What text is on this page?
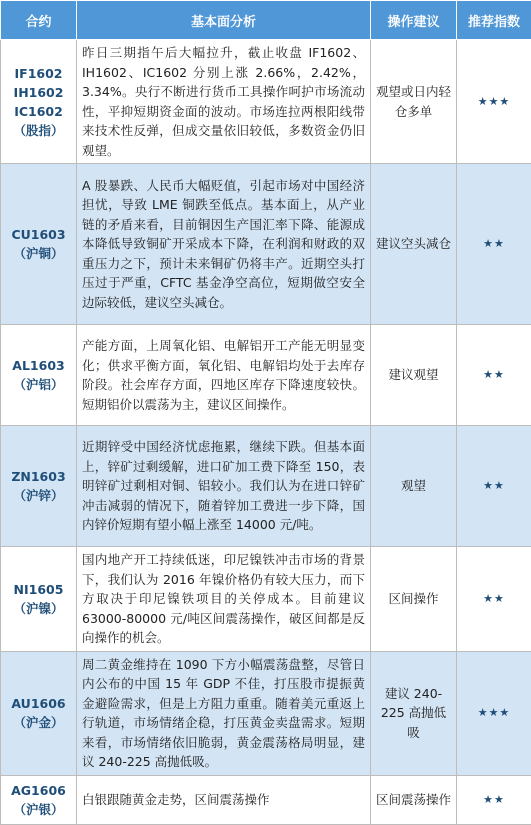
合约	基本面分析	操作建议	推荐指数

IF1602
IH1602
IC1602
（股指）	昨日三期指午后大幅拉升，截止收盘 IF1602、IH1602、IC1602 分别上涨 2.66%，2.42%，3.34%。央行不断进行货币工具操作呵护市场流动性，平抑短期资金面的波动。市场连拉两根阳线带来技术性反弹，但成交量依旧较低，多数资金仍旧观望。	观望或日内轻仓多单	★★★

CU1603
（沪铜）	A 股暴跌、人民币大幅贬值，引起市场对中国经济担忧，导致 LME 铜跌至低点。基本面上，从产业链的矛盾来看，目前铜因生产国汇率下降、能源成本降低导致铜矿开采成本下降，在利润和财政的双重压力之下，预计未来铜矿仍将丰产。近期空头打压过于严重，CFTC 基金净空高位，短期做空安全边际较低，建议空头减仓。	建议空头减仓	★★

AL1603
（沪铝）	产能方面，上周氧化铝、电解铝开工产能无明显变化；供求平衡方面，氧化铝、电解铝均处于去库存阶段。社会库存方面，四地区库存下降速度较快。短期铝价以震荡为主，建议区间操作。	建议观望	★★

ZN1603
（沪锌）	近期锌受中国经济忧虑拖累，继续下跌。但基本面上，锌矿过剩缓解，进口矿加工费下降至 150，表明锌矿过剩相对铜、铝较小。我们认为在进口锌矿冲击减弱的情况下，随着锌加工费进一步下降，国内锌价短期有望小幅上涨至 14000 元/吨。	观望	★★

NI1605
（沪镍）	国内地产开工持续低迷，印尼镍铁冲击市场的背景下，我们认为 2016 年镍价格仍有较大压力，而下方取决于印尼镍铁项目的关停成本。目前建议 63000-80000 元/吨区间震荡操作，破区间都是反向操作的机会。	区间操作	★★

AU1606
（沪金）	周二黄金维持在 1090 下方小幅震荡盘整，尽管日内公布的中国 15 年 GDP 不佳，打压股市提振黄金避险需求，但是上方阻力重重。随着美元重返上行轨道，市场情绪企稳，打压黄金卖盘需求。短期来看，市场情绪依旧脆弱，黄金震荡格局明显，建议 240-225 高抛低吸。	建议 240-225 高抛低吸	★★★

AG1606
（沪银）	白银跟随黄金走势，区间震荡操作	区间震荡操作	★★
